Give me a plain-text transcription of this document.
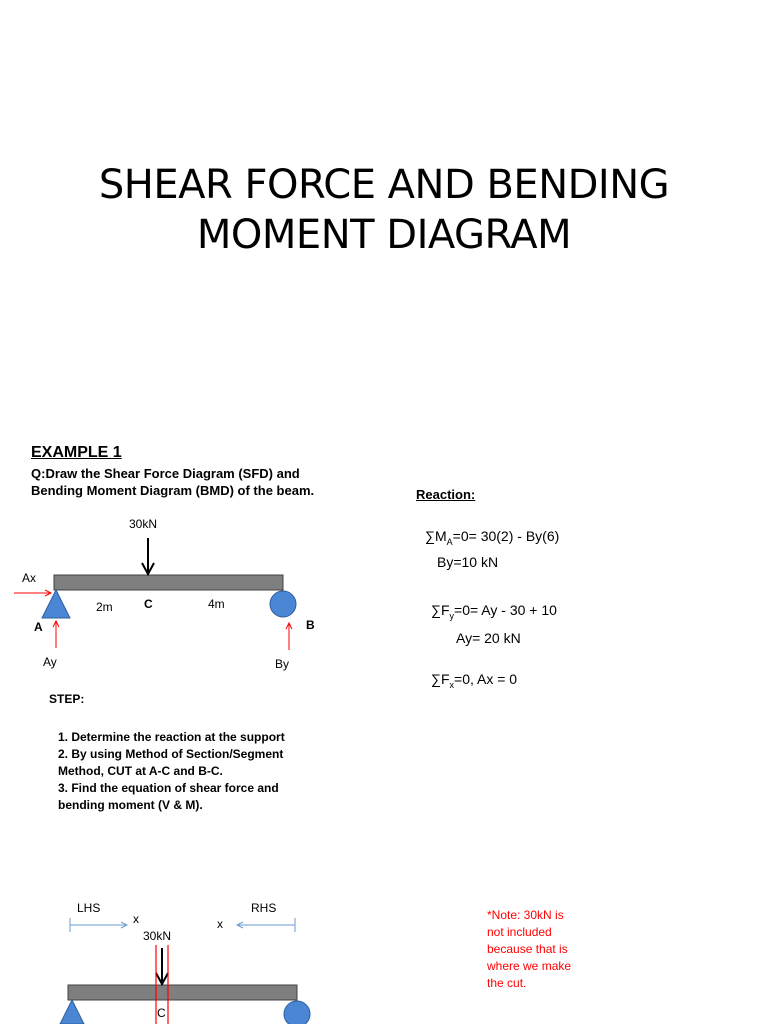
SHEAR FORCE AND BENDING
MOMENT DIAGRAM
EXAMPLE 1
Q:Draw the Shear Force Diagram (SFD) and Bending Moment Diagram (BMD) of the beam.
30kN
Ax
A
Ay
2m	C	4m
B
By
Reaction:
$\sum M_A=0= 30(2) - By(6)$
By=10 kN
$\sum F_y=0= Ay - 30 + 10$
Ay= 20 kN
$\sum F_x=0$, Ax = 0
STEP:
1. Determine the reaction at the support
2. By using Method of Section/Segment Method, CUT at A-C and B-C.
3. Find the equation of shear force and bending moment (V & M).
LHS	RHS
x	x
30kN
C
*Note: 30kN is not included because that is where we make the cut.
